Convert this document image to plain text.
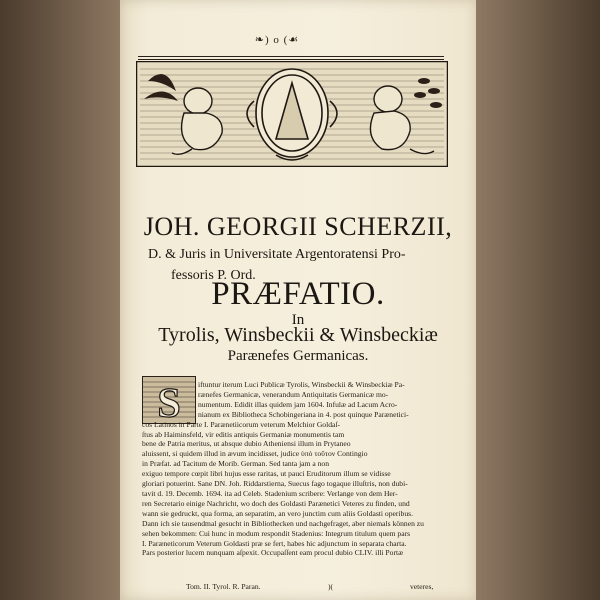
❧) o (☙
JOH. GEORGII SCHERZII,
D. & Juris in Universitate Argentoratensi Pro-
fessoris P. Ord.
PRÆFATIO.
In
Tyrolis, Winsbeckii & Winsbeckiæ
Parænefes Germanicas.
S	iftuntur iterum Luci Publicæ Tyrolis, Winsbeckii & Winsbeckiæ Pa-
rænefes Germanicæ, venerandum Antiquitatis Germanicæ mo-
numentum. Edidit illas quidem jam 1604. Infulæ ad Lacum Acro-
nianum ex Bibliotheca Schobingeriana in 4. post quinque Parænetici-
cos Latinos in Parte I. Parænetiicorum veterum Melchior Goldaſ-
ſtus ab Haiminsfeld, vir editis antiquis Germaniæ monumentis tam
bene de Patria meritus, ut absque dubio Atheniensi illum in Prytaneo
aluissent, si quidem illud in ævum incidisset, judice ὑπὸ τοῦτον Contingio
in Præfat. ad Tacitum de Morib. German. Sed tanta jam a non
exiguo tempore cœpit libri hujus esse raritas, ut pauci Eruditorum illum se vidisse
gloriari potuerint. Sane DN. Joh. Riddarstierna, Suecus fago togaque illuſtris, non dubi-
tavit d. 19. Decemb. 1694. ita ad Celeb. Stadenium scribere: Verlange von dem Her-
ren Secretario einige Nachricht, wo doch des Goldasti Parænetici Veteres zu finden, und
wann sie gedruckt, qua forma, an separatim, an vero junctim cum aliis Goldasti operibus.
Dann ich sie tausendmal gesucht in Bibliothecken und nachgefraget, aber niemals können zu
sehen bekommen: Cui hunc in modum respondit Stadenius: Integrum titulum quem pars
I. Paræneticorum Veterum Goldasti præ se fert, habes hic adjunctum in separata charta.
Pars posterior lucem nunquam aſpexit. Occupaſſent eam procul dubio CLIV. illi Portæ
Tom. II. Tyrol. R. Paran.	)(	veteres,
